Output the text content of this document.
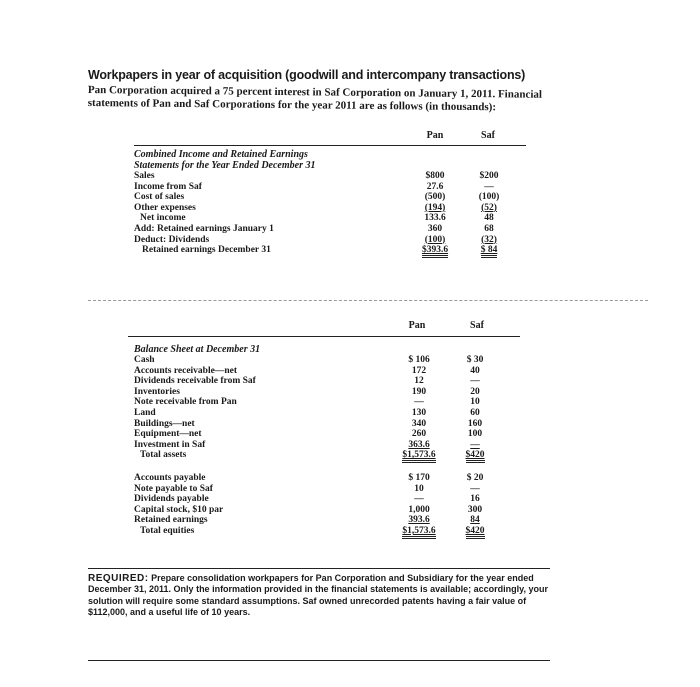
Workpapers in year of acquisition (goodwill and intercompany transactions)
Pan Corporation acquired a 75 percent interest in Saf Corporation on January 1, 2011. Financial statements of Pan and Saf Corporations for the year 2011 are as follows (in thousands):
Pan	Saf
Combined Income and Retained Earnings
Statements for the Year Ended December 31
Sales	$800	$200
Income from Saf	27.6	—
Cost of sales	(500)	(100)
Other expenses	(194)	(52)
Net income	133.6	48
Add: Retained earnings January 1	360	68
Deduct: Dividends	(100)	(32)
Retained earnings December 31	$393.6	$ 84
Pan	Saf
Balance Sheet at December 31
Cash	$ 106	$ 30
Accounts receivable—net	172	40
Dividends receivable from Saf	12	—
Inventories	190	20
Note receivable from Pan	—	10
Land	130	60
Buildings—net	340	160
Equipment—net	260	100
Investment in Saf	363.6	—
Total assets	$1,573.6	$420
Accounts payable	$ 170	$ 20
Note payable to Saf	10	—
Dividends payable	—	16
Capital stock, $10 par	1,000	300
Retained earnings	393.6	84
Total equities	$1,573.6	$420
REQUIRED: Prepare consolidation workpapers for Pan Corporation and Subsidiary for the year ended December 31, 2011. Only the information provided in the financial statements is available; accordingly, your solution will require some standard assumptions. Saf owned unrecorded patents having a fair value of $112,000, and a useful life of 10 years.
